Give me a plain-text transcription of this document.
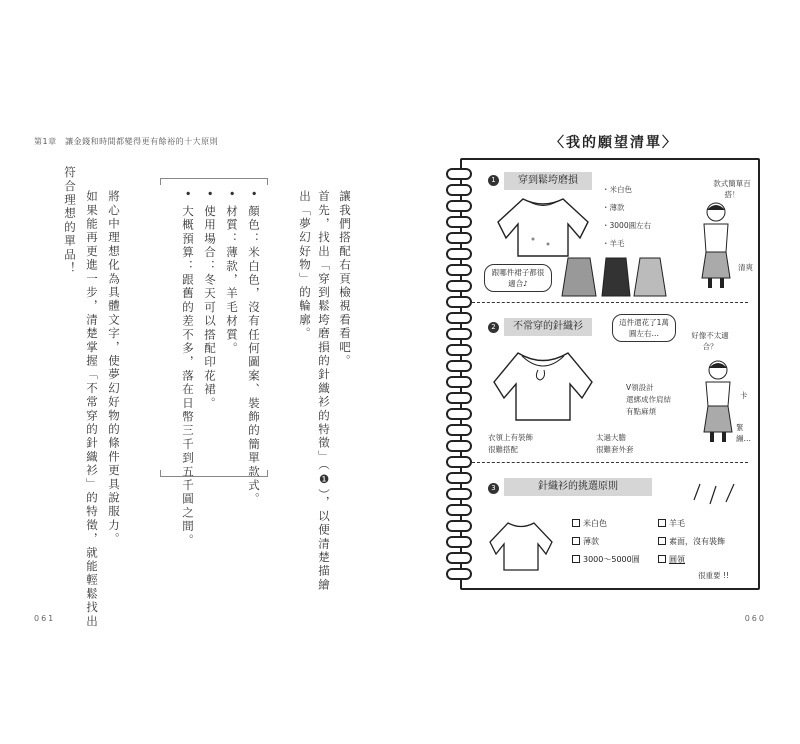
第1章　讓金錢和時間都變得更有餘裕的十大原則
讓我們搭配右頁檢視看看吧。
首先，找出「穿到鬆垮磨損的針織衫的特徵」（❶），以便清楚描繪出「夢幻好物」的輪廓。
• 顏色：米白色，沒有任何圖案、裝飾的簡單款式。
• 材質：薄款，羊毛材質。
• 使用場合：冬天可以搭配印花裙。
• 大概預算：跟舊的差不多，落在日幣三千到五千圓之間。
將心中理想化為具體文字，使夢幻好物的條件更具說服力。
如果能再更進一步，清楚掌握「不常穿的針織衫」的特徵，就能輕鬆找出
符合理想的單品！
061
〈我的願望清單〉
1	穿到鬆垮磨損
・米白色
・薄款
・3000圓左右
・羊毛
跟哪件裙子都很適合♪
款式簡單百搭！
清爽
2	不常穿的針織衫	這件還花了1萬圓左右…	好像不太適合？
V領設計
還綁成作肩結
有點麻煩
衣領上有裝飾
很難搭配
太過大膽
很難套外套
卡
緊繃…
3	針織衫的挑選原則
米白色	羊毛
薄款	素面，沒有裝飾
3000～5000圓	圓領
很重要 !!
060
